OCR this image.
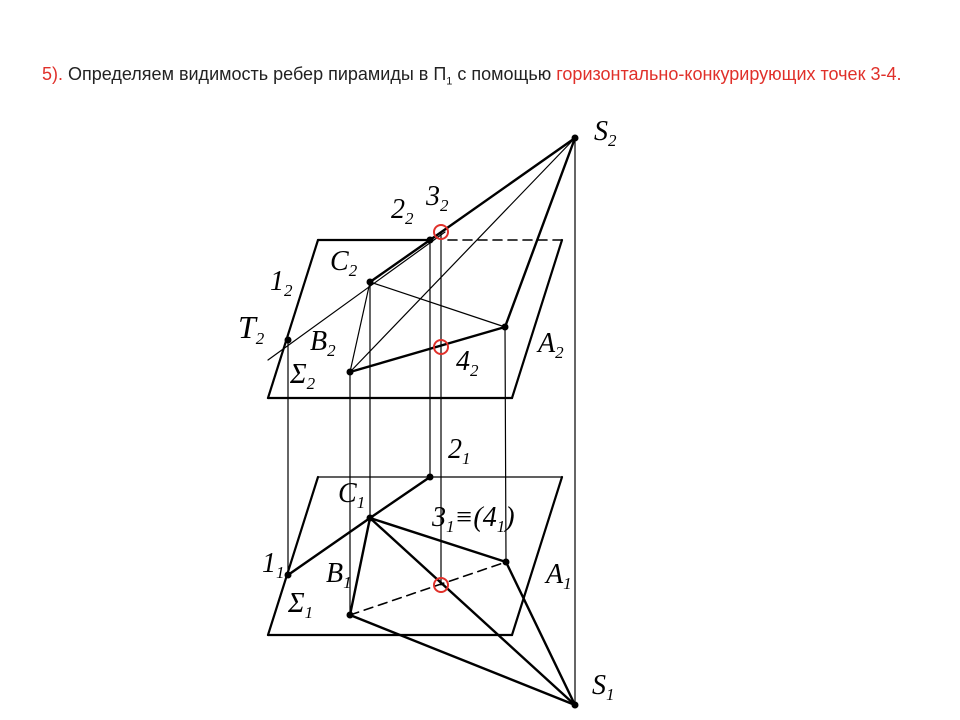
5). Определяем видимость ребер пирамиды в $П_1$ с помощью горизонтально-конкурирующих точек 3-4.
$S_2$
$2_2$
$3_2$
$C_2$
$1_2$
T2 $B_2$
$\Sigma_2$
$4_2$
$A_2$
$2_1$
$C_1$ $3_1\equiv(4_1)$
$1_1$ $B_1$	$A_1$
$\Sigma_1$
$S_1$
